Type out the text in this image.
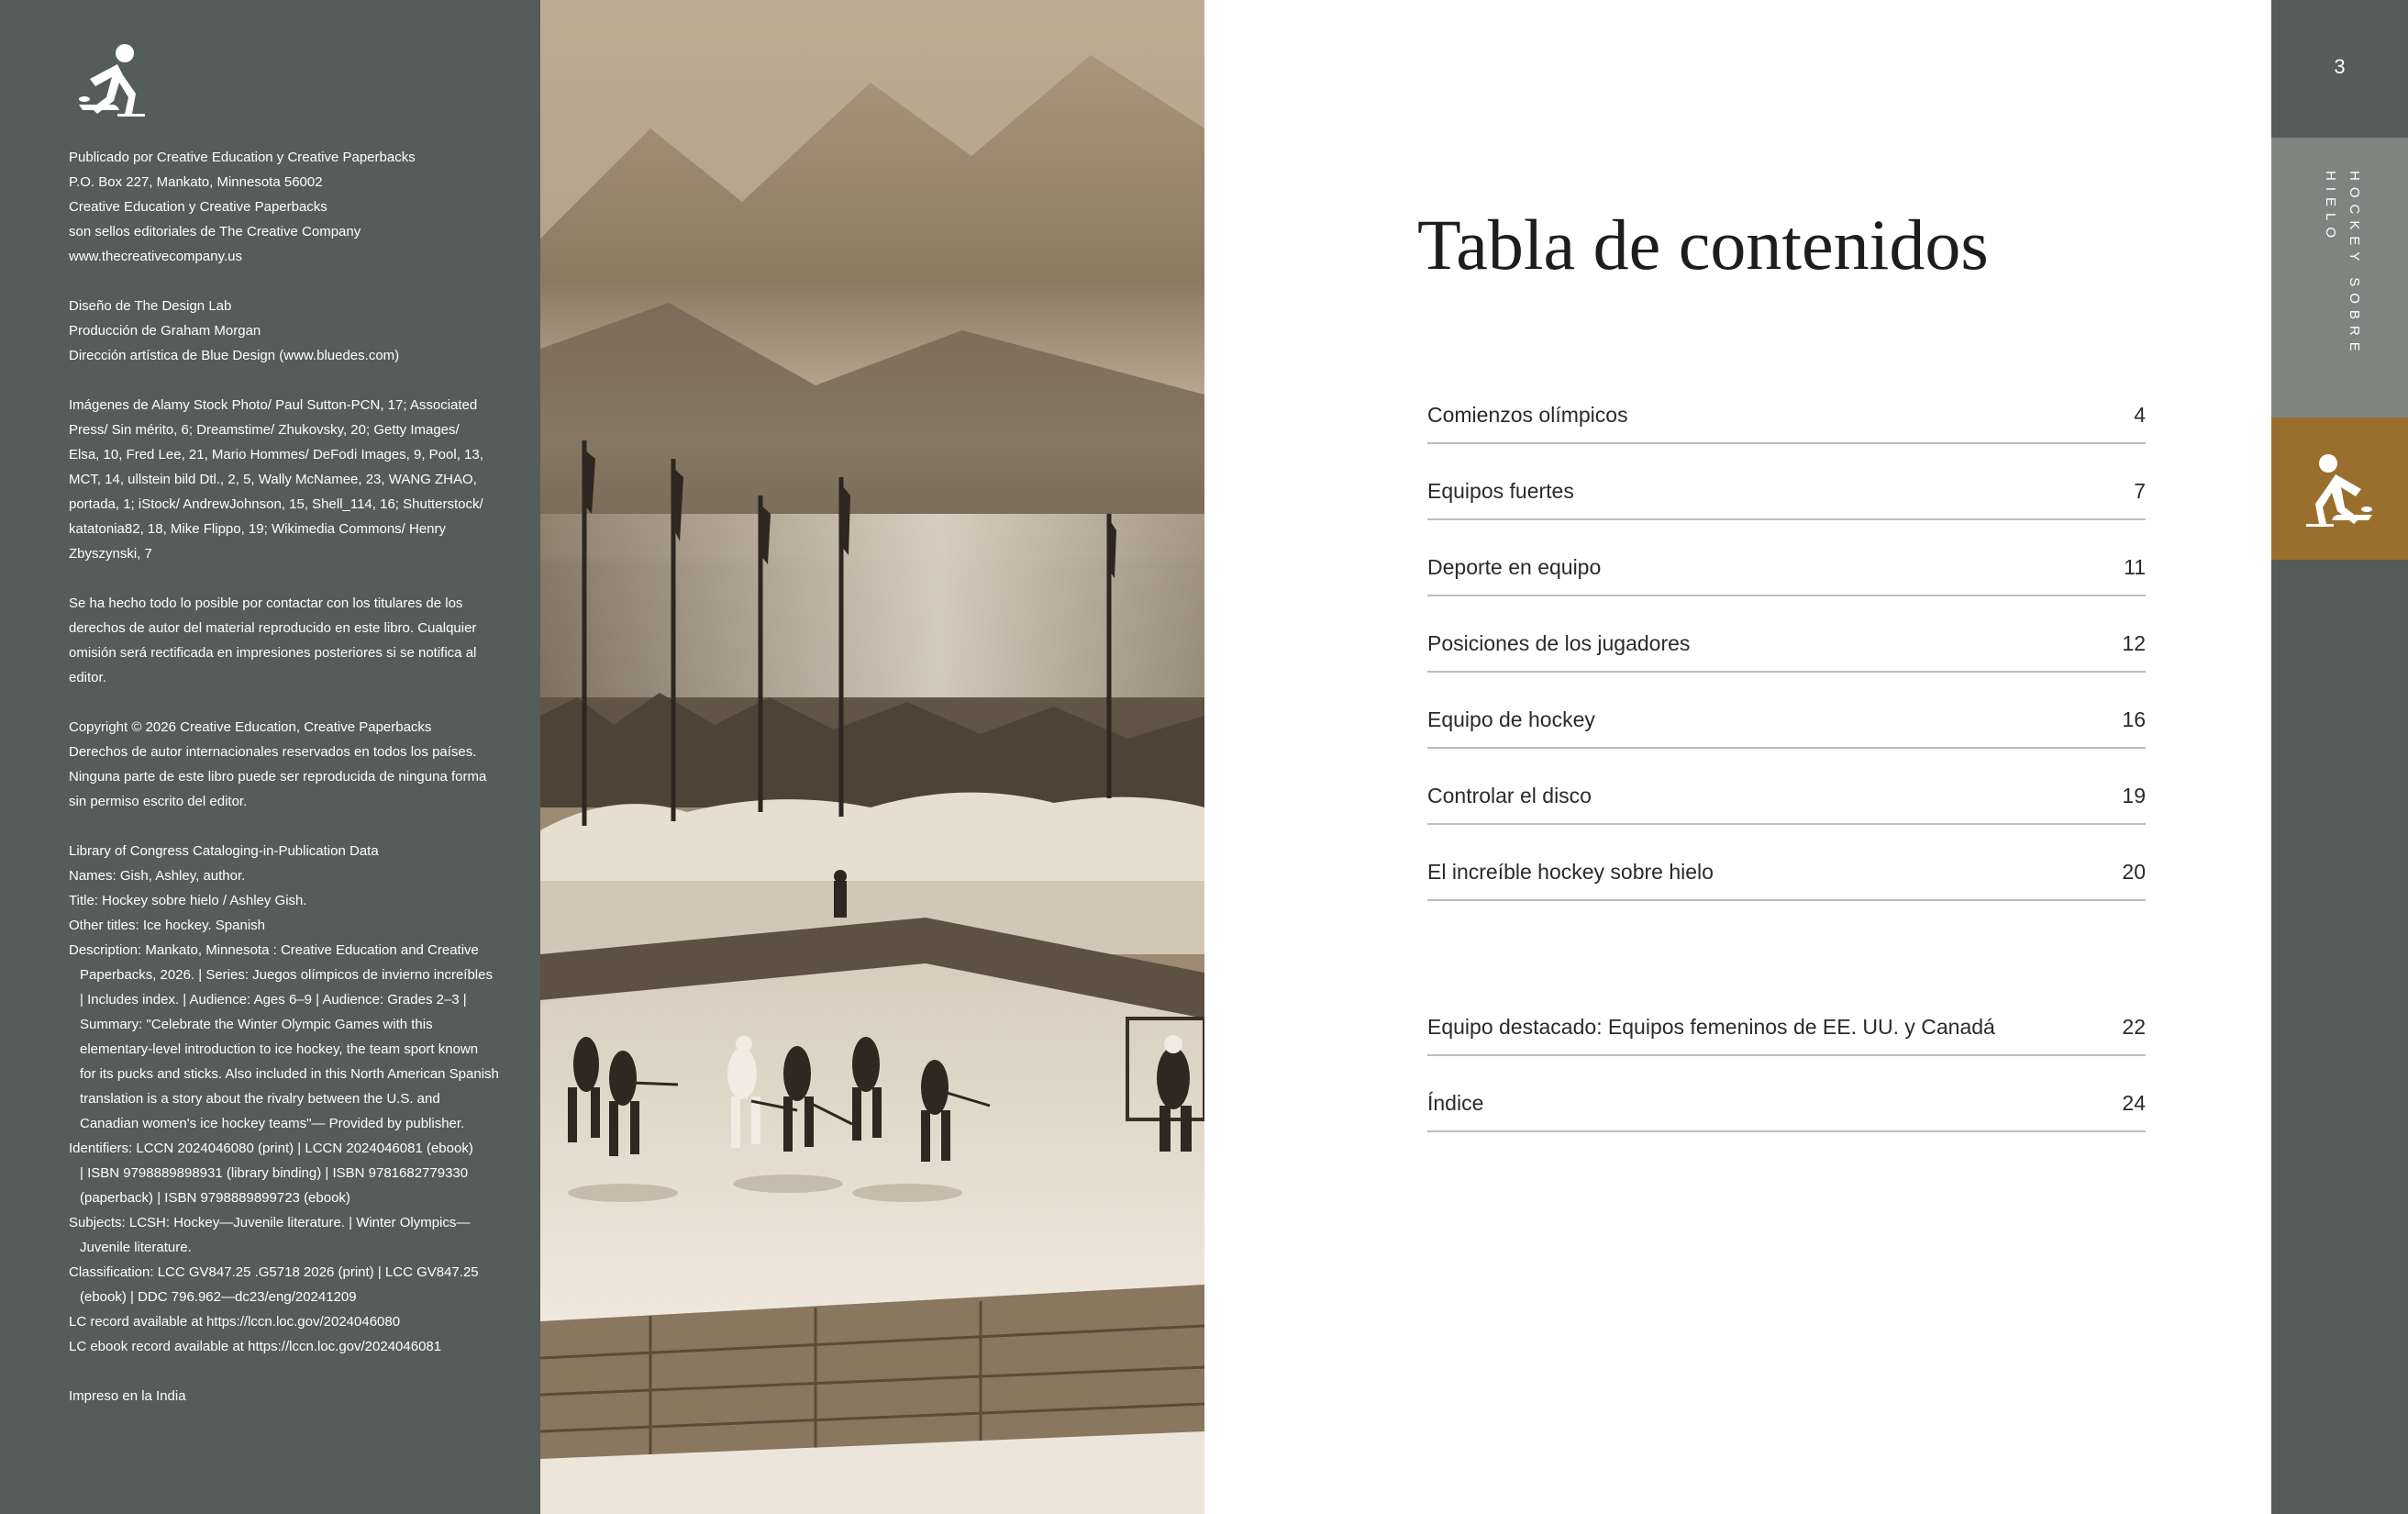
Publicado por Creative Education y Creative Paperbacks
P.O. Box 227, Mankato, Minnesota 56002
Creative Education y Creative Paperbacks
son sellos editoriales de The Creative Company
www.thecreativecompany.us

Diseño de The Design Lab
Producción de Graham Morgan
Dirección artística de Blue Design (www.bluedes.com)

Imágenes de Alamy Stock Photo/ Paul Sutton-PCN, 17; Associated
Press/ Sin mérito, 6; Dreamstime/ Zhukovsky, 20; Getty Images/
Elsa, 10, Fred Lee, 21, Mario Hommes/ DeFodi Images, 9, Pool, 13,
MCT, 14, ullstein bild Dtl., 2, 5, Wally McNamee, 23, WANG ZHAO,
portada, 1; iStock/ AndrewJohnson, 15, Shell_114, 16; Shutterstock/
katatonia82, 18, Mike Flippo, 19; Wikimedia Commons/ Henry
Zbyszynski, 7

Se ha hecho todo lo posible por contactar con los titulares de los
derechos de autor del material reproducido en este libro. Cualquier
omisión será rectificada en impresiones posteriores si se notifica al
editor.

Copyright © 2026 Creative Education, Creative Paperbacks
Derechos de autor internacionales reservados en todos los países.
Ninguna parte de este libro puede ser reproducida de ninguna forma
sin permiso escrito del editor.

Library of Congress Cataloging-in-Publication Data
Names: Gish, Ashley, author.
Title: Hockey sobre hielo / Ashley Gish.
Other titles: Ice hockey. Spanish
Description: Mankato, Minnesota : Creative Education and Creative
Paperbacks, 2026. | Series: Juegos olímpicos de invierno increíbles
| Includes index. | Audience: Ages 6–9 | Audience: Grades 2–3 |
Summary: "Celebrate the Winter Olympic Games with this
elementary-level introduction to ice hockey, the team sport known
for its pucks and sticks. Also included in this North American Spanish
translation is a story about the rivalry between the U.S. and
Canadian women's ice hockey teams"— Provided by publisher.
Identifiers: LCCN 2024046080 (print) | LCCN 2024046081 (ebook)
| ISBN 9798889898931 (library binding) | ISBN 9781682779330
(paperback) | ISBN 9798889899723 (ebook)
Subjects: LCSH: Hockey—Juvenile literature. | Winter Olympics—
Juvenile literature.
Classification: LCC GV847.25 .G5718 2026 (print) | LCC GV847.25
(ebook) | DDC 796.962—dc23/eng/20241209
LC record available at https://lccn.loc.gov/2024046080
LC ebook record available at https://lccn.loc.gov/2024046081

Impreso en la India

Tabla de contenidos
Comienzos olímpicos	4
Equipos fuertes	7
Deporte en equipo	11
Posiciones de los jugadores	12
Equipo de hockey	16
Controlar el disco	19
El increíble hockey sobre hielo	20
Equipo destacado: Equipos femeninos de EE. UU. y Canadá	22
Índice	24
3
HOCKEY SOBRE HIELO
